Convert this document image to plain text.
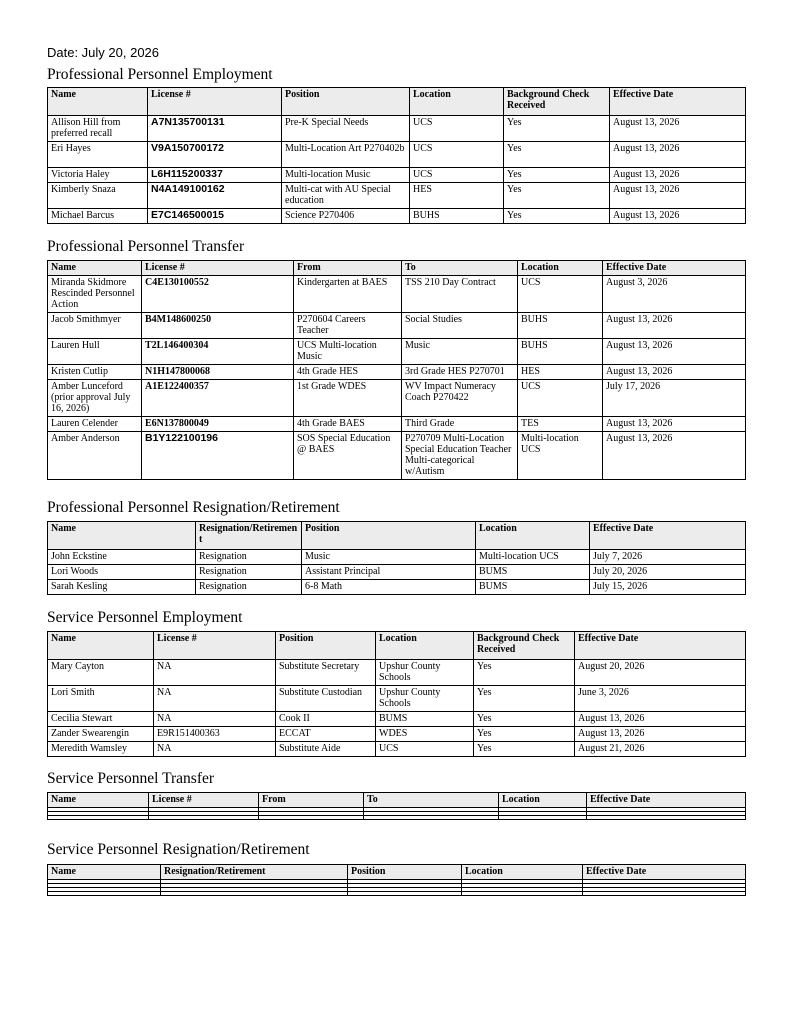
Date: July 20, 2026
Professional Personnel Employment
Name	License #	Position	Location	Background Check Received	Effective Date
Allison Hill from preferred recall	A7N135700131	Pre-K Special Needs	UCS	Yes	August 13, 2026
Eri Hayes	V9A150700172	Multi-Location Art P270402b	UCS	Yes	August 13, 2026
Victoria Haley	L6H115200337	Multi-location Music	UCS	Yes	August 13, 2026
Kimberly Snaza	N4A149100162	Multi-cat with AU Special education	HES	Yes	August 13, 2026
Michael Barcus	E7C146500015	Science P270406	BUHS	Yes	August 13, 2026
Professional Personnel Transfer
Name	License #	From	To	Location	Effective Date
Miranda Skidmore Rescinded Personnel Action	C4E130100552	Kindergarten at BAES	TSS 210 Day Contract	UCS	August 3, 2026
Jacob Smithmyer	B4M148600250	P270604 Careers Teacher	Social Studies	BUHS	August 13, 2026
Lauren Hull	T2L146400304	UCS Multi-location Music	Music	BUHS	August 13, 2026
Kristen Cutlip	N1H147800068	4th Grade HES	3rd Grade HES P270701	HES	August 13, 2026
Amber Lunceford (prior approval July 16, 2026)	A1E122400357	1st Grade WDES	WV Impact Numeracy Coach P270422	UCS	July 17, 2026
Lauren Celender	E6N137800049	4th Grade BAES	Third Grade	TES	August 13, 2026
Amber Anderson	B1Y122100196	SOS Special Education @ BAES	P270709 Multi-Location Special Education Teacher Multi-categorical w/Autism	Multi-location UCS	August 13, 2026
Professional Personnel Resignation/Retirement
Name	Resignation/Retirement	Position	Location	Effective Date
John Eckstine	Resignation	Music	Multi-location UCS	July 7, 2026
Lori Woods	Resignation	Assistant Principal	BUMS	July 20, 2026
Sarah Kesling	Resignation	6-8 Math	BUMS	July 15, 2026
Service Personnel Employment
Name	License #	Position	Location	Background Check Received	Effective Date
Mary Cayton	NA	Substitute Secretary	Upshur County Schools	Yes	August 20, 2026
Lori Smith	NA	Substitute Custodian	Upshur County Schools	Yes	June 3, 2026
Cecilia Stewart	NA	Cook II	BUMS	Yes	August 13, 2026
Zander Swearengin	E9R151400363	ECCAT	WDES	Yes	August 13, 2026
Meredith Wamsley	NA	Substitute Aide	UCS	Yes	August 21, 2026
Service Personnel Transfer
Name	License #	From	To	Location	Effective Date

Service Personnel Resignation/Retirement
Name	Resignation/Retirement	Position	Location	Effective Date
